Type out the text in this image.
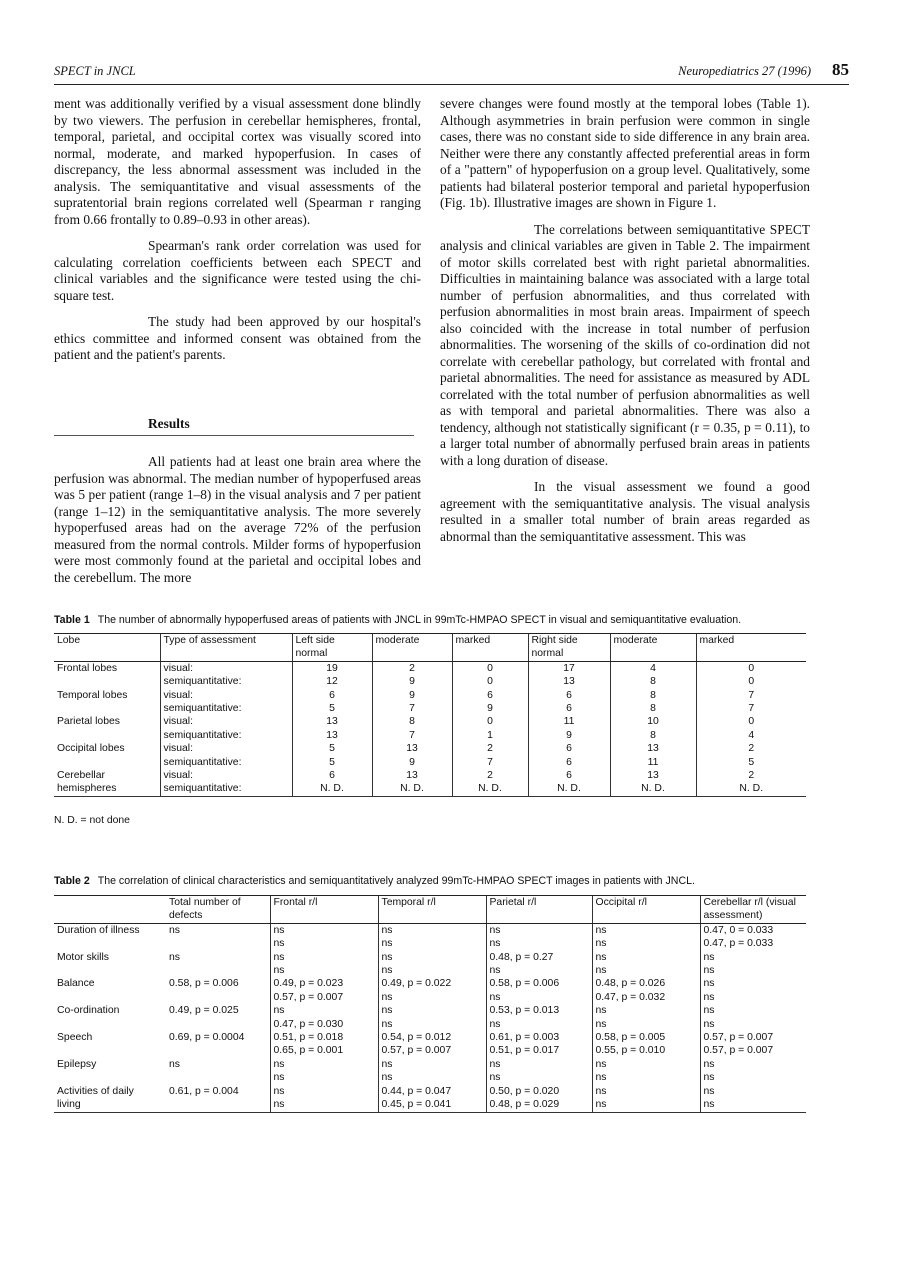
SPECT in JNCL	Neuropediatrics 27 (1996) 85

ment was additionally verified by a visual assessment done blindly by two viewers. The perfusion in cerebellar hemispheres, frontal, temporal, parietal, and occipital cortex was visually scored into normal, moderate, and marked hypoperfusion. In cases of discrepancy, the less abnormal assessment was included in the analysis. The semiquantitative and visual assessments of the supratentorial brain regions correlated well (Spearman r ranging from 0.66 frontally to 0.89–0.93 in other areas).

Spearman's rank order correlation was used for calculating correlation coefficients between each SPECT and clinical variables and the significance were tested using the chi-square test.

The study had been approved by our hospital's ethics committee and informed consent was obtained from the patient and the patient's parents.

Results

All patients had at least one brain area where the perfusion was abnormal. The median number of hypoperfused areas was 5 per patient (range 1–8) in the visual analysis and 7 per patient (range 1–12) in the semiquantitative analysis. The more severely hypoperfused areas had on the average 72% of the perfusion measured from the normal controls. Milder forms of hypoperfusion were most commonly found at the parietal and occipital lobes and the cerebellum. The more

severe changes were found mostly at the temporal lobes (Table 1). Although asymmetries in brain perfusion were common in single cases, there was no constant side to side difference in any brain area. Neither were there any constantly affected preferential areas in form of a "pattern" of hypoperfusion on a group level. Qualitatively, some patients had bilateral posterior temporal and parietal hypoperfusion (Fig. 1b). Illustrative images are shown in Figure 1.

The correlations between semiquantitative SPECT analysis and clinical variables are given in Table 2. The impairment of motor skills correlated best with right parietal abnormalities. Difficulties in maintaining balance was associated with a large total number of perfusion abnormalities, and thus correlated with perfusion abnormalities in most brain areas. Impairment of speech also coincided with the increase in total number of perfusion abnormalities. The worsening of the skills of co-ordination did not correlate with cerebellar pathology, but correlated with frontal and parietal abnormalities. The need for assistance as measured by ADL correlated with the total number of perfusion abnormalities as well as with temporal and parietal abnormalities. There was also a tendency, although not statistically significant (r = 0.35, p = 0.11), to a larger total number of abnormally perfused brain areas in patients with a long duration of disease.

In the visual assessment we found a good agreement with the semiquantitative analysis. The visual analysis resulted in a smaller total number of brain areas regarded as abnormal than the semiquantitative assessment. This was

Table 1 The number of abnormally hypoperfused areas of patients with JNCL in 99mTc-HMPAO SPECT in visual and semiquantitative evaluation.
Lobe	Type of assessment	Left side normal	moderate	marked	Right side normal	moderate	marked
Frontal lobes	visual:	19	2	0	17	4	0
	semiquantitative:	12	9	0	13	8	0
Temporal lobes	visual:	6	9	6	6	8	7
	semiquantitative:	5	7	9	6	8	7
Parietal lobes	visual:	13	8	0	11	10	0
	semiquantitative:	13	7	1	9	8	4
Occipital lobes	visual:	5	13	2	6	13	2
	semiquantitative:	5	9	7	6	11	5
Cerebellar	visual:	6	13	2	6	13	2
hemispheres	semiquantitative:	N. D.	N. D.	N. D.	N. D.	N. D.	N. D.
N. D. = not done
Table 2 The correlation of clinical characteristics and semiquantitatively analyzed 99mTc-HMPAO SPECT images in patients with JNCL.
	Total number of defects	Frontal r/l	Temporal r/l	Parietal r/l	Occipital r/l	Cerebellar r/l (visual assessment)
Duration of illness	ns	ns	ns	ns	ns	0.47, 0 = 0.033
		ns	ns	ns	ns	0.47, p = 0.033
Motor skills	ns	ns	ns	0.48, p = 0.27	ns	ns
		ns	ns	ns	ns	ns
Balance	0.58, p = 0.006	0.49, p = 0.023	0.49, p = 0.022	0.58, p = 0.006	0.48, p = 0.026	ns
		0.57, p = 0.007	ns	ns	0.47, p = 0.032	ns
Co-ordination	0.49, p = 0.025	ns	ns	0.53, p = 0.013	ns	ns
		0.47, p = 0.030	ns	ns	ns	ns
Speech	0.69, p = 0.0004	0.51, p = 0.018	0.54, p = 0.012	0.61, p = 0.003	0.58, p = 0.005	0.57, p = 0.007
		0.65, p = 0.001	0.57, p = 0.007	0.51, p = 0.017	0.55, p = 0.010	0.57, p = 0.007
Epilepsy	ns	ns	ns	ns	ns	ns
		ns	ns	ns	ns	ns
Activities of daily	0.61, p = 0.004	ns	0.44, p = 0.047	0.50, p = 0.020	ns	ns
living		ns	0.45, p = 0.041	0.48, p = 0.029	ns	ns
